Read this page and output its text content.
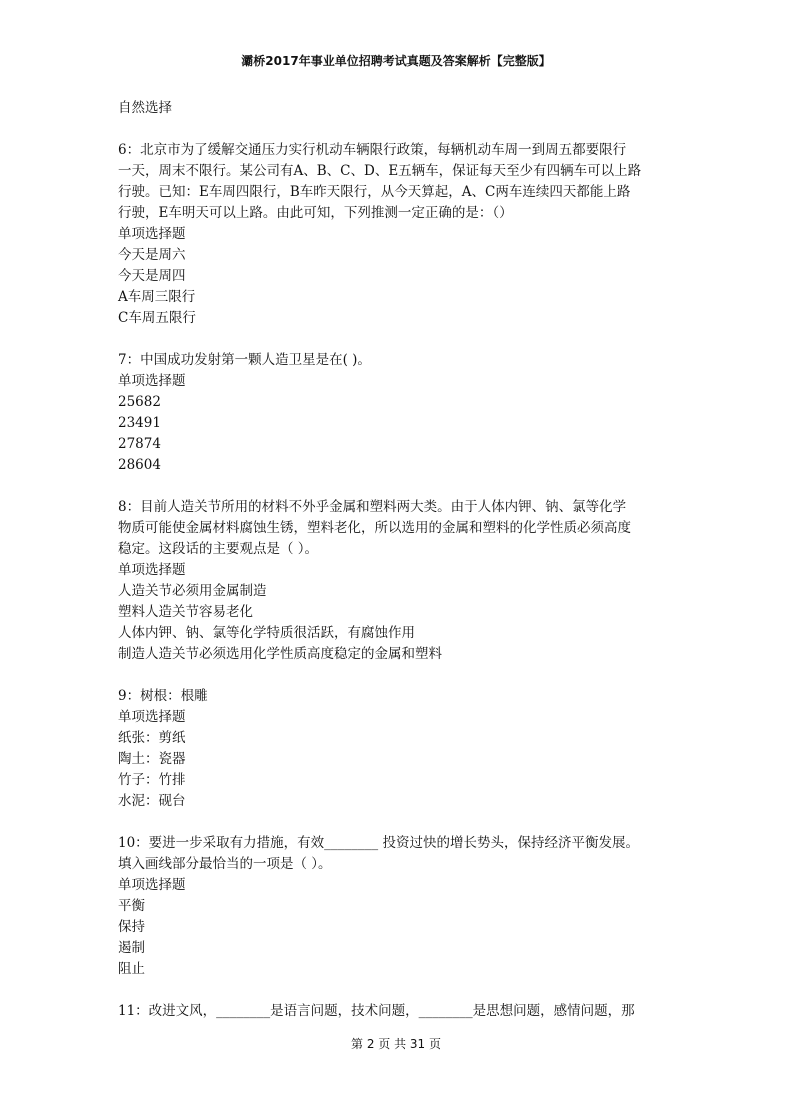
灞桥2017年事业单位招聘考试真题及答案解析【完整版】
自然选择
6：北京市为了缓解交通压力实行机动车辆限行政策，每辆机动车周一到周五都要限行
一天，周末不限行。某公司有A、B、C、D、E五辆车，保证每天至少有四辆车可以上路
行驶。已知：E车周四限行，B车昨天限行，从今天算起，A、C两车连续四天都能上路
行驶，E车明天可以上路。由此可知，下列推测一定正确的是：（）
单项选择题
今天是周六
今天是周四
A车周三限行
C车周五限行
7：中国成功发射第一颗人造卫星是在( )。
单项选择题
25682
23491
27874
28604
8：目前人造关节所用的材料不外乎金属和塑料两大类。由于人体内钾、钠、氯等化学
物质可能使金属材料腐蚀生锈，塑料老化，所以选用的金属和塑料的化学性质必须高度
稳定。这段话的主要观点是（ ）。
单项选择题
人造关节必须用金属制造
塑料人造关节容易老化
人体内钾、钠、氯等化学特质很活跃，有腐蚀作用
制造人造关节必须选用化学性质高度稳定的金属和塑料
9：树根：根雕
单项选择题
纸张：剪纸
陶土：瓷器
竹子：竹排
水泥：砚台
10：要进一步采取有力措施，有效________ 投资过快的增长势头，保持经济平衡发展。
填入画线部分最恰当的一项是（ ）。
单项选择题
平衡
保持
遏制
阻止
11：改进文风，________是语言问题，技术问题，________是思想问题，感情问题，那
第 2 页 共 31 页
